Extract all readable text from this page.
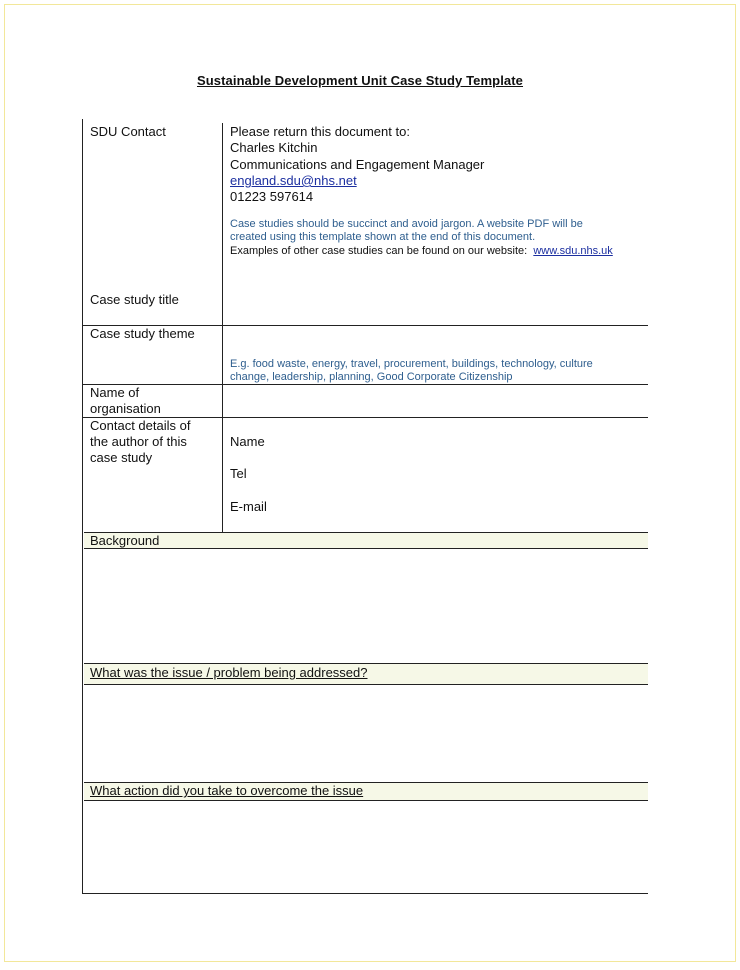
Sustainable Development Unit Case Study Template
SDU Contact	Please return this document to:
Charles Kitchin
Communications and Engagement Manager
england.sdu@nhs.net
01223 597614
Case studies should be succinct and avoid jargon. A website PDF will be
created using this template shown at the end of this document.
Examples of other case studies can be found on our website: www.sdu.nhs.uk
Case study title
Case study theme
E.g. food waste, energy, travel, procurement, buildings, technology, culture
change, leadership, planning, Good Corporate Citizenship
Name of
organisation
Contact details of
the author of this
case study
Name
Tel
E-mail
Background
What was the issue / problem being addressed?
What action did you take to overcome the issue
